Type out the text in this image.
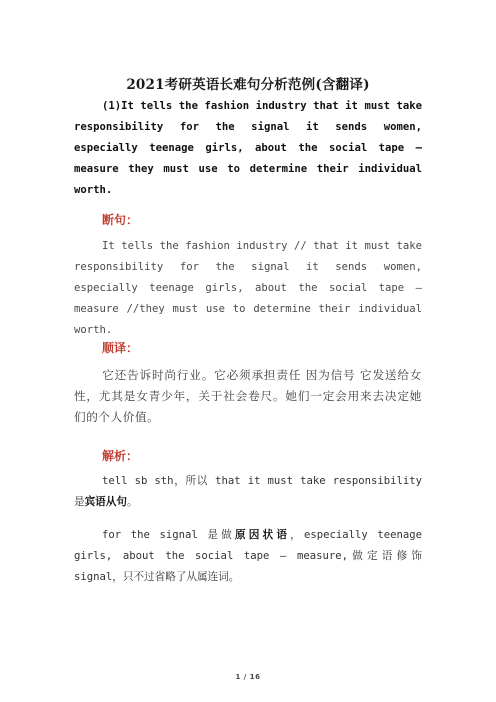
2021考研英语长难句分析范例(含翻译)
(1)It tells the fashion industry that it must take responsibility for the signal it sends women, especially teenage girls, about the social tape – measure they must use to determine their individual worth.
断句：
It tells the fashion industry // that it must take responsibility for the signal it sends women, especially teenage girls, about the social tape – measure //they must use to determine their individual worth.
顺译：
它还告诉时尚行业。它必须承担责任 因为信号 它发送给女性，尤其是女青少年，关于社会卷尺。她们一定会用来去决定她们的个人价值。
解析：
tell sb sth，所以 that it must take responsibility 是宾语从句。
for the signal 是做原因状语，especially teenage girls, about the social tape – measure,做定语修饰 signal，只不过省略了从属连词。
1 / 16
